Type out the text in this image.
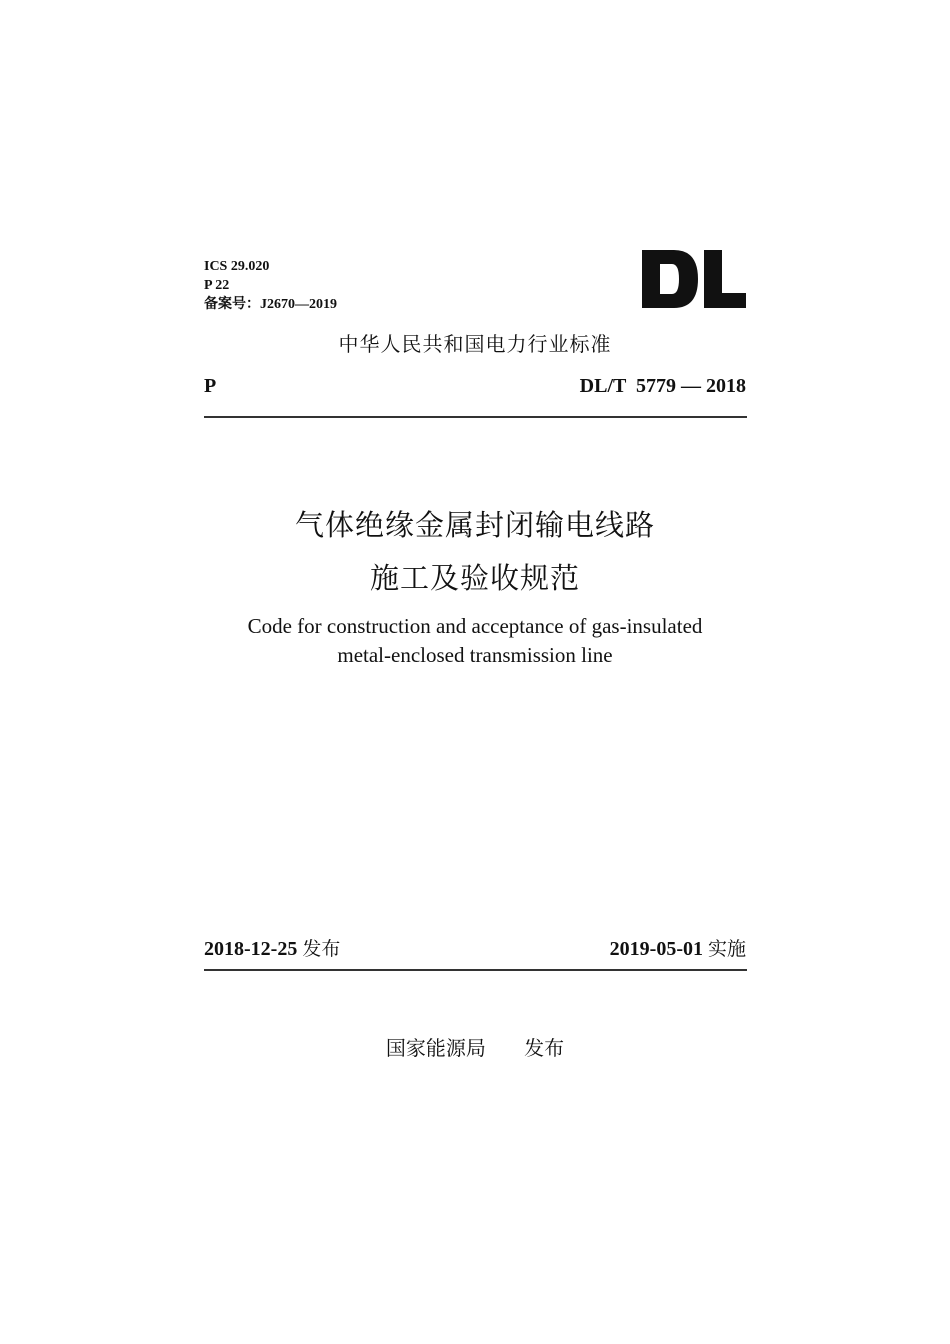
ICS 29.020
P 22
备案号：J2670—2019
中华人民共和国电力行业标准
P	DL/T  5779 — 2018
气体绝缘金属封闭输电线路
施工及验收规范
Code for construction and acceptance of gas-insulated
metal-enclosed transmission line
2018-12-25 发布	2019-05-01 实施
国家能源局 发布
